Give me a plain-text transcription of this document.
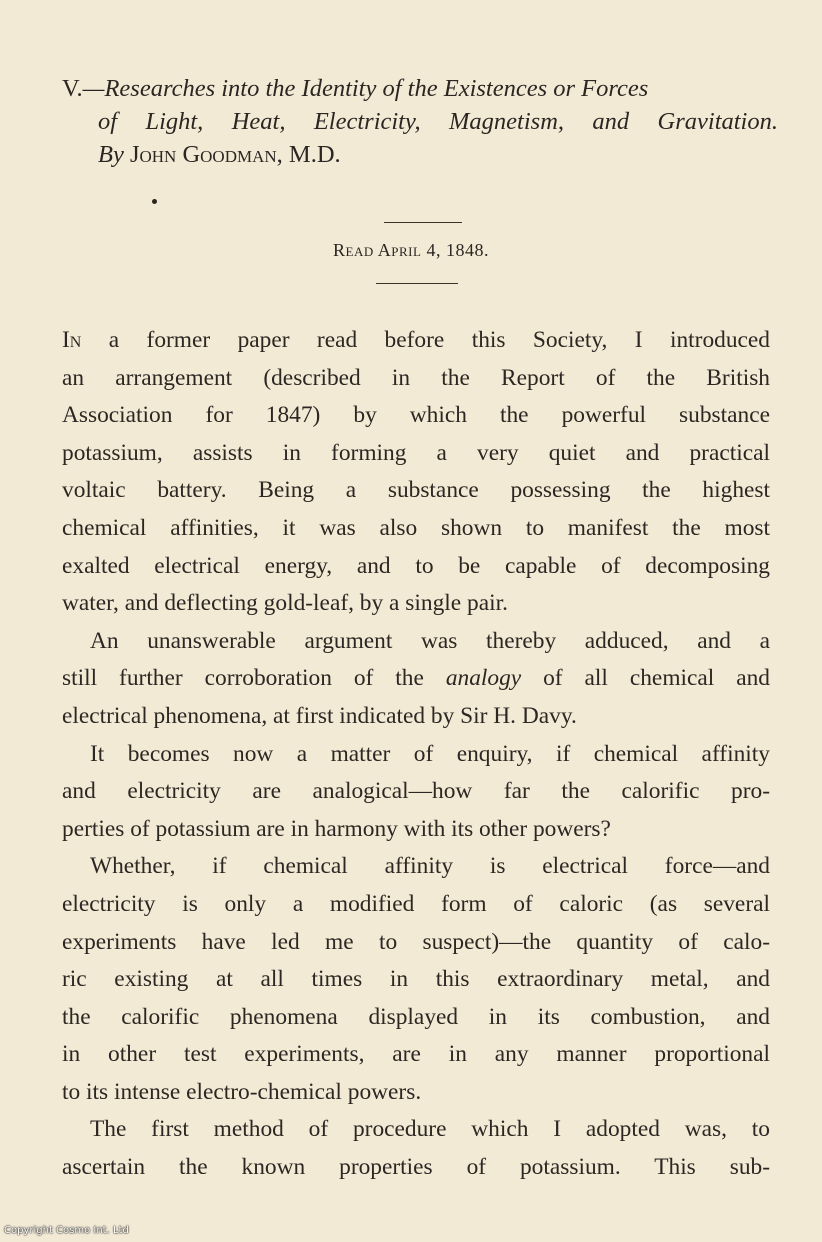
V.—Researches into the Identity of the Existences or Forces
of Light, Heat, Electricity, Magnetism, and Gravitation.
By John Goodman, M.D.
Read April 4, 1848.

In a former paper read before this Society, I introduced
an arrangement (described in the Report of the British
Association for 1847) by which the powerful substance
potassium, assists in forming a very quiet and practical
voltaic battery. Being a substance possessing the highest
chemical affinities, it was also shown to manifest the most
exalted electrical energy, and to be capable of decomposing
water, and deflecting gold-leaf, by a single pair.

An unanswerable argument was thereby adduced, and a
still further corroboration of the analogy of all chemical and
electrical phenomena, at first indicated by Sir H. Davy.

It becomes now a matter of enquiry, if chemical affinity
and electricity are analogical—how far the calorific pro-
perties of potassium are in harmony with its other powers?

Whether, if chemical affinity is electrical force—and
electricity is only a modified form of caloric (as several
experiments have led me to suspect)—the quantity of calo-
ric existing at all times in this extraordinary metal, and
the calorific phenomena displayed in its combustion, and
in other test experiments, are in any manner proportional
to its intense electro-chemical powers.

The first method of procedure which I adopted was, to
ascertain the known properties of potassium. This sub-

Copyright Cosmo Int. Ltd
